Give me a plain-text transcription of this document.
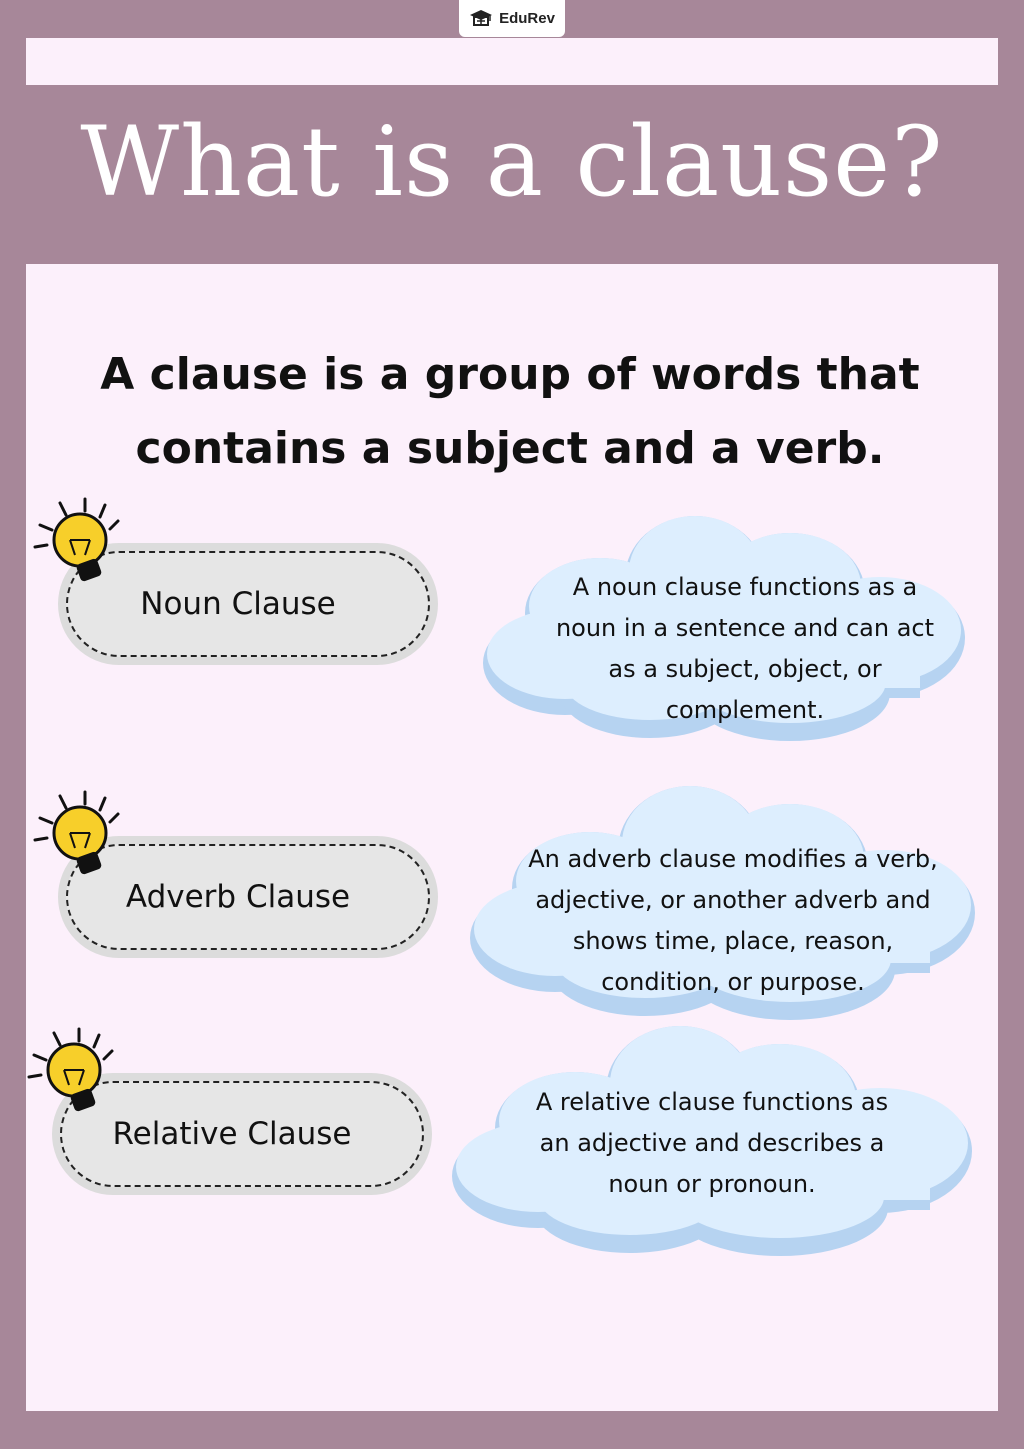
EduRev
What is a clause?
A clause is a group of words that
contains a subject and a verb.
A noun clause functions as a
noun in a sentence and can act
as a subject, object, or
complement.
Noun Clause
An adverb clause modifies a verb,
adjective, or another adverb and
shows time, place, reason,
condition, or purpose.
Adverb Clause
A relative clause functions as
an adjective and describes a
noun or pronoun.
Relative Clause
